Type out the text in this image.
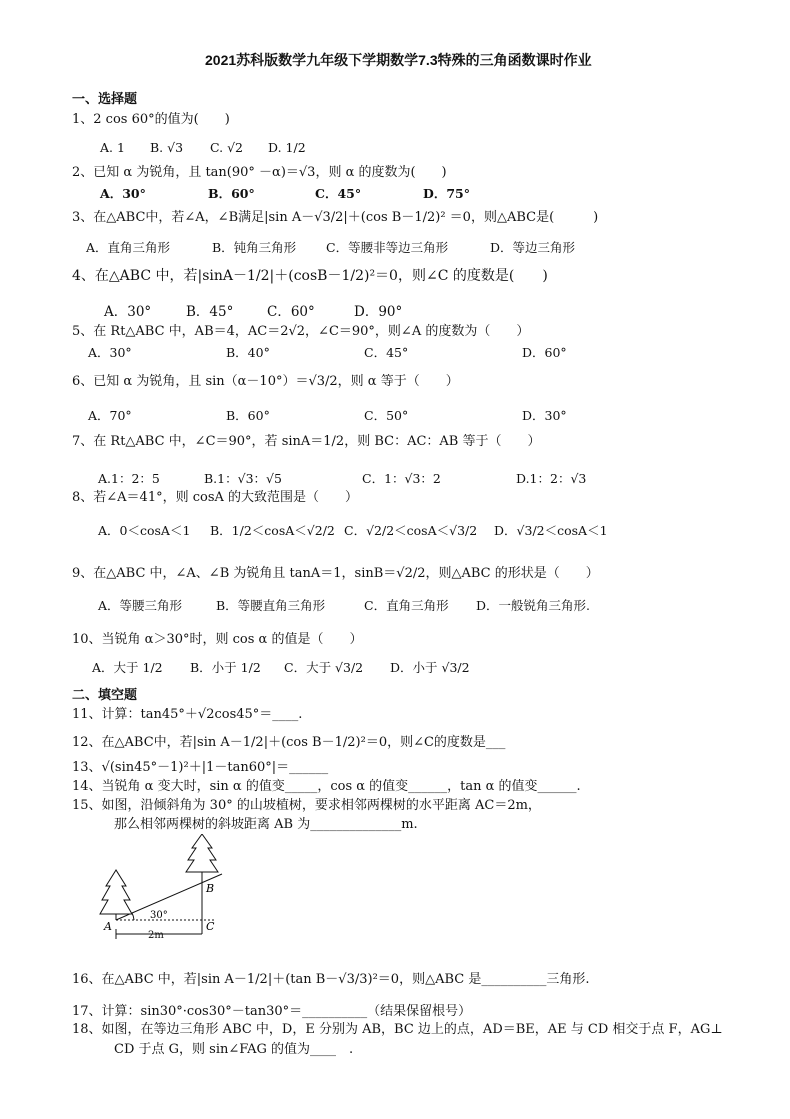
2021苏科版数学九年级下学期数学7.3特殊的三角函数课时作业
一、选择题
1、2 cos 60°的值为(　　)
A. 1 B. √3 C. √2 D. 1/2
2、已知 α 为锐角，且 tan(90° －α)＝√3，则 α 的度数为(　　)
A．30°	B．60°	C．45°	D．75°
3、在△ABC中，若∠A，∠B满足|sin A－√3/2|＋(cos B－1/2)² ＝0，则△ABC是(　　　)
A．直角三角形	B．钝角三角形 C．等腰非等边三角形	D．等边三角形
4、在△ABC 中，若|sinA－1/2|＋(cosB－1/2)²＝0，则∠C 的度数是(　　)
A．30°	B．45° C．60°	D．90°
5、在 Rt△ABC 中，AB＝4，AC＝2√2，∠C＝90°，则∠A 的度数为（　　）
A．30°	B．40°	C．45°	D．60°
6、已知 α 为锐角，且 sin（α－10°）＝√3/2，则 α 等于（　　）
A．70°	B．60°	C．50°	D．30°
7、在 Rt△ABC 中，∠C＝90°，若 sinA＝1/2，则 BC：AC：AB 等于（　　）
A.1：2：5	B.1：√3：√5	C．1：√3：2	D.1：2：√3
8、若∠A＝41°，则 cosA 的大致范围是（　　）
A．0＜cosA＜1 B．1/2＜cosA＜√2/2 C．√2/2＜cosA＜√3/2 D．√3/2＜cosA＜1
9、在△ABC 中，∠A、∠B 为锐角且 tanA＝1，sinB＝√2/2，则△ABC 的形状是（　　）
A．等腰三角形	B．等腰直角三角形	C．直角三角形 D．一般锐角三角形.
10、当锐角 α＞30°时，则 cos α 的值是（　　）
A．大于 1/2 B．小于 1/2 C．大于 √3/2 D．小于 √3/2
二、填空题
11、计算：tan45°＋√2cos45°＝____.
12、在△ABC中，若|sin A－1/2|＋(cos B－1/2)²＝0，则∠C的度数是___
13、√(sin45°－1)²＋|1－tan60°|＝______
14、当锐角 α 变大时，sin α 的值变_____，cos α 的值变______，tan α 的值变______.
15、如图，沿倾斜角为 30° 的山坡植树，要求相邻两棵树的水平距离 AC＝2m，
那么相邻两棵树的斜坡距离 AB 为______________m.
30°
A
B
C
2m
16、在△ABC 中，若|sin A－1/2|＋(tan B－√3/3)²＝0，则△ABC 是__________三角形.
17、计算：sin30°·cos30°－tan30°＝__________（结果保留根号）
18、如图，在等边三角形 ABC 中，D，E 分别为 AB，BC 边上的点，AD＝BE，AE 与 CD 相交于点 F，AG⊥
CD 于点 G，则 sin∠FAG 的值为____　.
